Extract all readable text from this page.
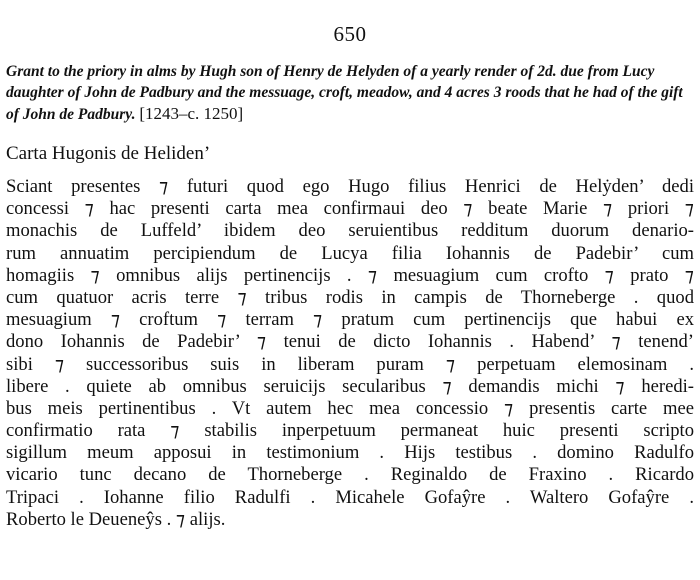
650
Grant to the priory in alms by Hugh son of Henry de Helyden of a yearly render of 2d. due from Lucy daughter of John de Padbury and the messuage, croft, meadow, and 4 acres 3 roods that he had of the gift of John de Padbury. [1243–c. 1250]
Carta Hugonis de Heliden’
Sciant presentes ⁊ futuri quod ego Hugo filius Henrici de Helẏden’ dedi
concessi ⁊ hac presenti carta mea confirmaui deo ⁊ beate Marie ⁊ priori ⁊
monachis de Luffeld’ ibidem deo seruientibus redditum duorum denario-
rum annuatim percipiendum de Lucya filia Iohannis de Padebir’ cum
homagiis ⁊ omnibus alijs pertinencijs . ⁊ mesuagium cum crofto ⁊ prato ⁊
cum quatuor acris terre ⁊ tribus rodis in campis de Thorneberge . quod
mesuagium ⁊ croftum ⁊ terram ⁊ pratum cum pertinencijs que habui ex
dono Iohannis de Padebir’ ⁊ tenui de dicto Iohannis . Habend’ ⁊ tenend’
sibi ⁊ successoribus suis in liberam puram ⁊ perpetuam elemosinam .
libere . quiete ab omnibus seruicijs secularibus ⁊ demandis michi ⁊ heredi-
bus meis pertinentibus . Vt autem hec mea concessio ⁊ presentis carte mee
confirmatio rata ⁊ stabilis inperpetuum permaneat huic presenti scripto
sigillum meum apposui in testimonium . Hijs testibus . domino Radulfo
vicario tunc decano de Thorneberge . Reginaldo de Fraxino . Ricardo
Tripaci . Iohanne filio Radulfi . Micahele Gofaŷre . Waltero Gofaŷre .
Roberto le Deueneŷs . ⁊ alijs.
